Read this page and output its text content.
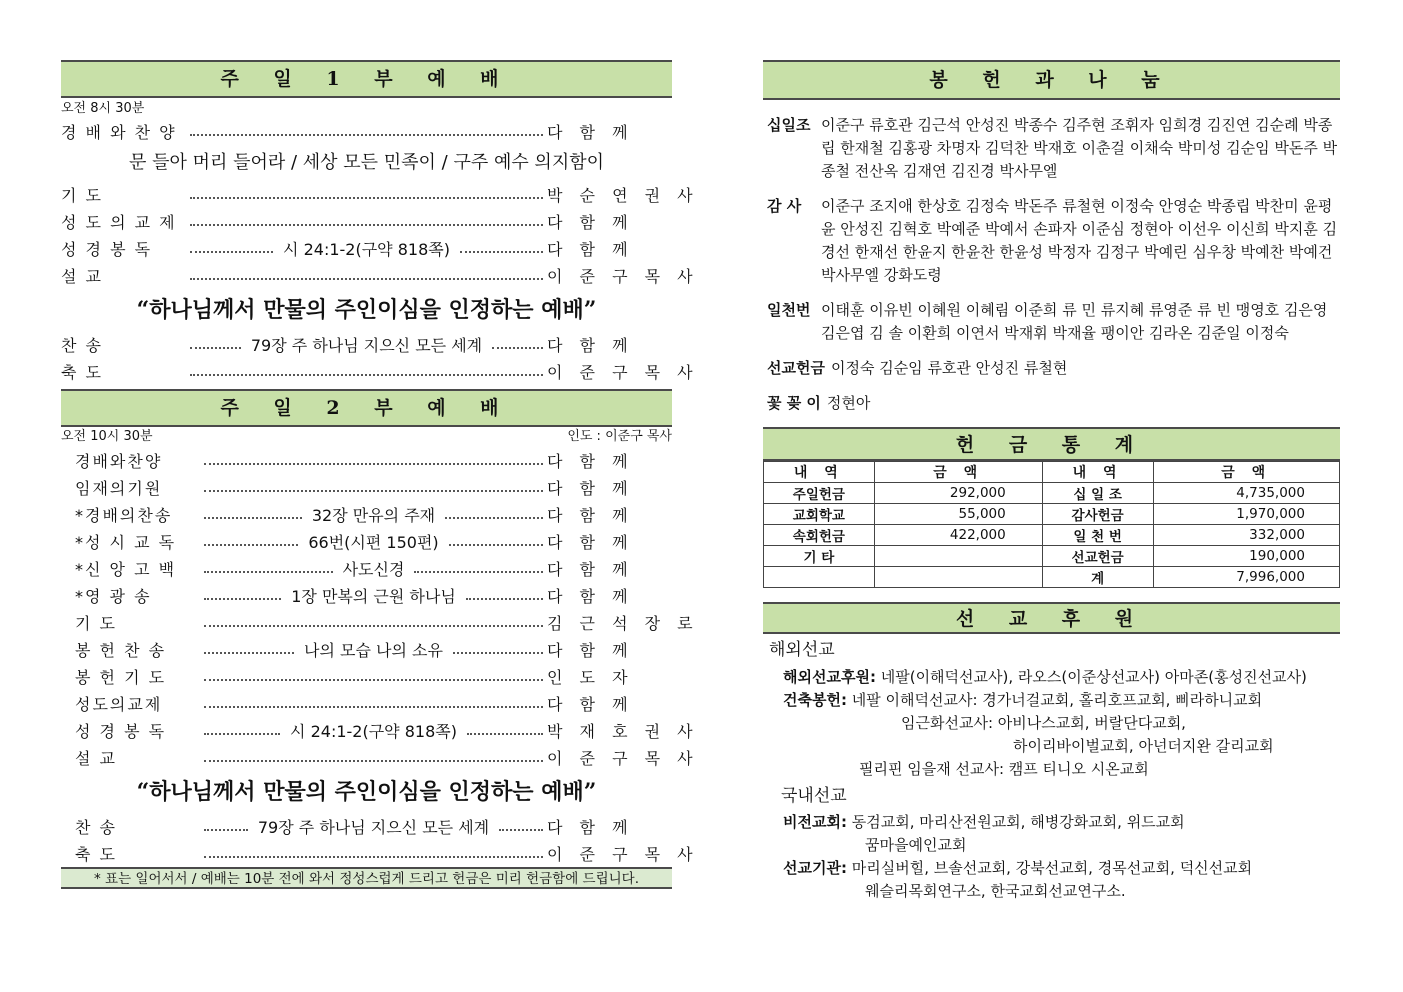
주 일 1 부 예 배
오전 8시 30분
경 배 와 찬 양	다 함 께
문 들아 머리 들어라 / 세상 모든 민족이 / 구주 예수 의지함이
기 도	박 순 연 권 사
성 도 의 교 제	다 함 께
성 경 봉 독	시 24:1-2(구약 818쪽)	다 함 께
설 교	이 준 구 목 사
“하나님께서 만물의 주인이심을 인정하는 예배”
찬 송	79장 주 하나님 지으신 모든 세계	다 함 께
축 도	이 준 구 목 사
주 일 2 부 예 배
오전 10시 30분	인도 : 이준구 목사
경배와찬양	다 함 께
임재의기원	다 함 께
*경배의찬송	32장 만유의 주재	다 함 께
*성 시 교 독	66번(시편 150편)	다 함 께
*신 앙 고 백	사도신경	다 함 께
*영 광 송	1장 만복의 근원 하나님	다 함 께
기 도	김 근 석 장 로
봉 헌 찬 송	나의 모습 나의 소유	다 함 께
봉 헌 기 도	인 도 자
성도의교제	다 함 께
성 경 봉 독	시 24:1-2(구약 818쪽)	박 재 호 권 사
설 교	이 준 구 목 사
“하나님께서 만물의 주인이심을 인정하는 예배”
찬 송	79장 주 하나님 지으신 모든 세계	다 함 께
축 도	이 준 구 목 사
* 표는 일어서서 / 예배는 10분 전에 와서 정성스럽게 드리고 헌금은 미리 헌금함에 드립니다.
봉 헌 과 나 눔
십일조 이준구 류호관 김근석 안성진 박종수 김주현 조휘자 임희경 김진연 김순례 박종립 한재철 김홍광 차명자 김덕찬 박재호 이춘걸 이채숙 박미성 김순임 박돈주 박종철 전산옥 김재연 김진경 박사무엘
감 사	이준구 조지애 한상호 김정숙 박돈주 류철현 이정숙 안영순 박종립 박찬미 윤평윤 안성진 김혁호 박예준 박예서 손파자 이준심 정현아 이선우 이신희 박지훈 김경선 한재선 한윤지 한윤찬 한윤성 박정자 김정구 박예린 심우창 박예찬 박예건 박사무엘 강화도령
일천번 이태훈 이유빈 이혜원 이혜림 이준희 류 민 류지혜 류영준 류 빈 맹영호 김은영 김은엽 김 솔 이환희 이연서 박재휘 박재율 팽이안 김라온 김준일 이정숙
선교헌금 이정숙 김순임 류호관 안성진 류철현
꽃 꽂 이 정현아
헌 금 통 계
내 역	금 액	내 역	금 액
주일헌금	292,000	십 일 조	4,735,000
교회학교	55,000	감사헌금	1,970,000
속회헌금	422,000	일 천 번	332,000
기 타		선교헌금	190,000
		계	7,996,000
선 교 후 원
해외선교
해외선교후원: 네팔(이해덕선교사), 라오스(이준상선교사) 아마존(홍성진선교사)
건축봉헌: 네팔 이해덕선교사: 경가너걸교회, 홀리호프교회, 삐라하니교회
임근화선교사: 아비나스교회, 버랄단다교회,
하이리바이벌교회, 아넌더지완 갈리교회
필리핀 임을재 선교사: 캠프 티니오 시온교회
국내선교
비전교회: 동검교회, 마리산전원교회, 해병강화교회, 위드교회
꿈마을예인교회
선교기관: 마리실버힐, 브솔선교회, 강북선교회, 경목선교회, 덕신선교회
웨슬리목회연구소, 한국교회선교연구소.
